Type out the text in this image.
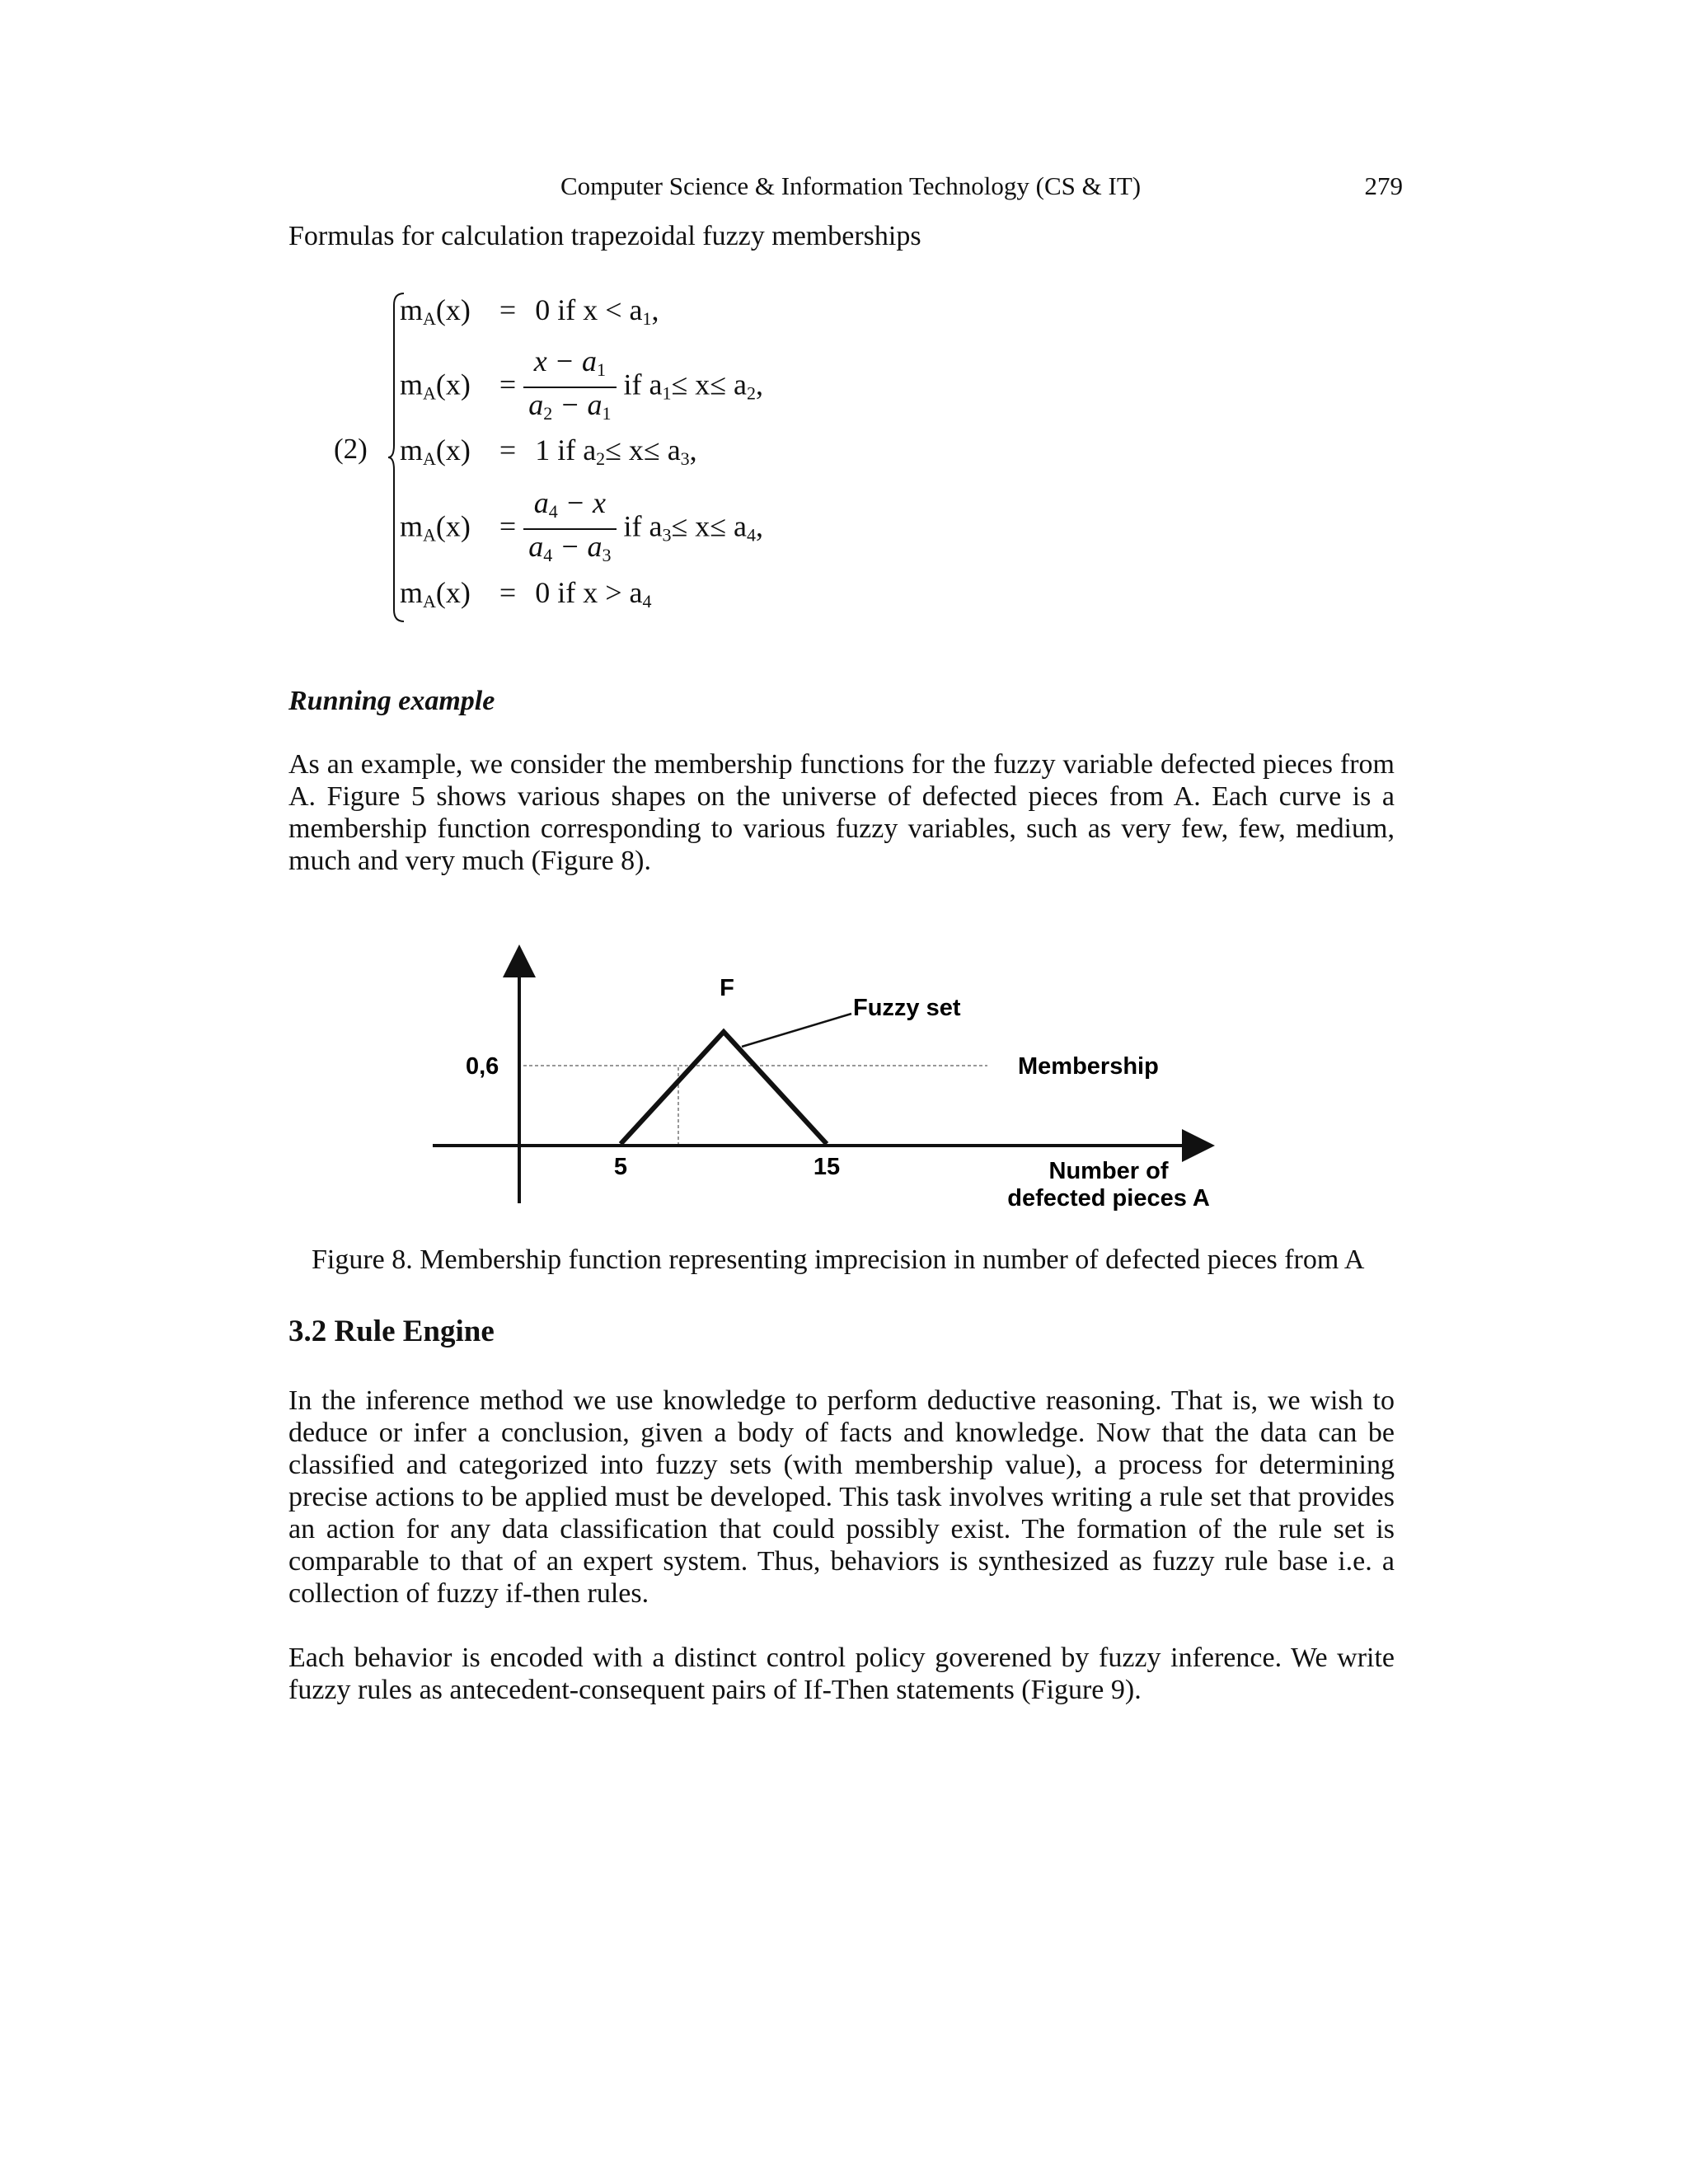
Computer Science & Information Technology (CS & IT)	279
Formulas for calculation trapezoidal fuzzy memberships
(2)
$m_A(x) = 0$ if $x < a_1$,
$m_A(x) = \frac{x - a_1}{a_2 - a_1}$ if $a_1\le x\le a_2$,
$m_A(x) = 1$ if $a_2\le x\le a_3$,
$m_A(x) = \frac{a_4 - x}{a_4 - a_3}$ if $a_3\le x\le a_4$,
$m_A(x) = 0$ if $x > a_4$
Running example
As an example, we consider the membership functions for the fuzzy variable defected pieces from A. Figure 5 shows various shapes on the universe of defected pieces from A. Each curve is a membership function corresponding to various fuzzy variables, such as very few, few, medium, much and very much (Figure 8).
F
Fuzzy set
0,6	Membership
5	15	Number of
defected pieces A
Figure 8. Membership function representing imprecision in number of defected pieces from A
3.2 Rule Engine
In the inference method we use knowledge to perform deductive reasoning. That is, we wish to deduce or infer a conclusion, given a body of facts and knowledge. Now that the data can be classified and categorized into fuzzy sets (with membership value), a process for determining precise actions to be applied must be developed. This task involves writing a rule set that provides an action for any data classification that could possibly exist. The formation of the rule set is comparable to that of an expert system. Thus, behaviors is synthesized as fuzzy rule base i.e. a collection of fuzzy if-then rules.
Each behavior is encoded with a distinct control policy goverened by fuzzy inference. We write fuzzy rules as antecedent-consequent pairs of If-Then statements (Figure 9).
